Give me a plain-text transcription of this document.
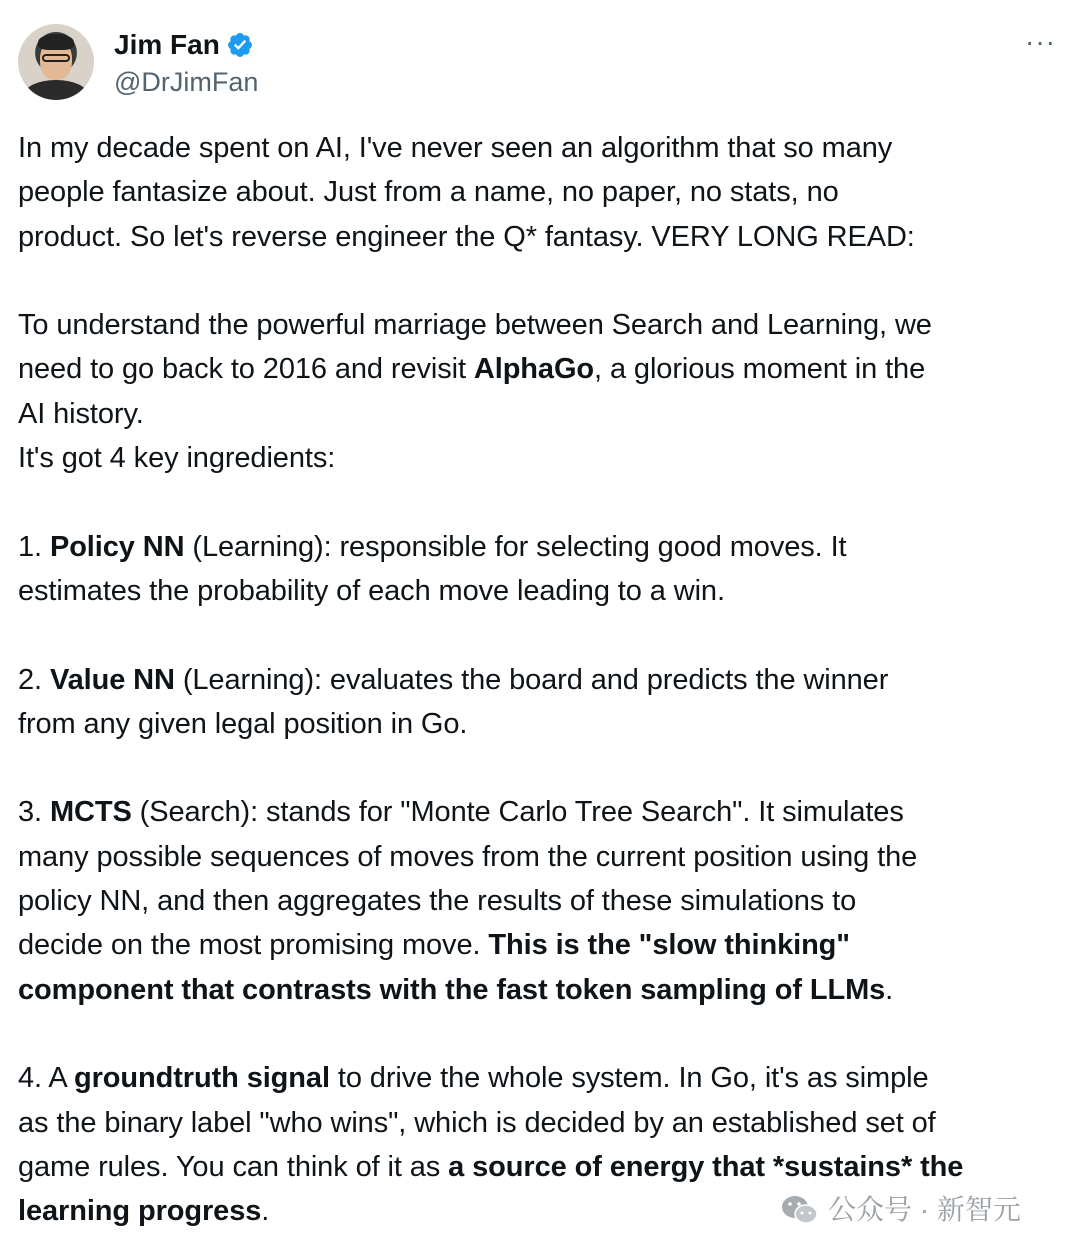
Jim Fan
@DrJimFan
···

In my decade spent on AI, I've never seen an algorithm that so many
people fantasize about. Just from a name, no paper, no stats, no
product. So let's reverse engineer the Q* fantasy. VERY LONG READ:

To understand the powerful marriage between Search and Learning, we
need to go back to 2016 and revisit AlphaGo, a glorious moment in the
AI history.
It's got 4 key ingredients:

1. Policy NN (Learning): responsible for selecting good moves. It
estimates the probability of each move leading to a win.

2. Value NN (Learning): evaluates the board and predicts the winner
from any given legal position in Go.

3. MCTS (Search): stands for "Monte Carlo Tree Search". It simulates
many possible sequences of moves from the current position using the
policy NN, and then aggregates the results of these simulations to
decide on the most promising move. This is the "slow thinking"
component that contrasts with the fast token sampling of LLMs.

4. A groundtruth signal to drive the whole system. In Go, it's as simple
as the binary label "who wins", which is decided by an established set of
game rules. You can think of it as a source of energy that *sustains* the
learning progress.	公众号 · 新智元
